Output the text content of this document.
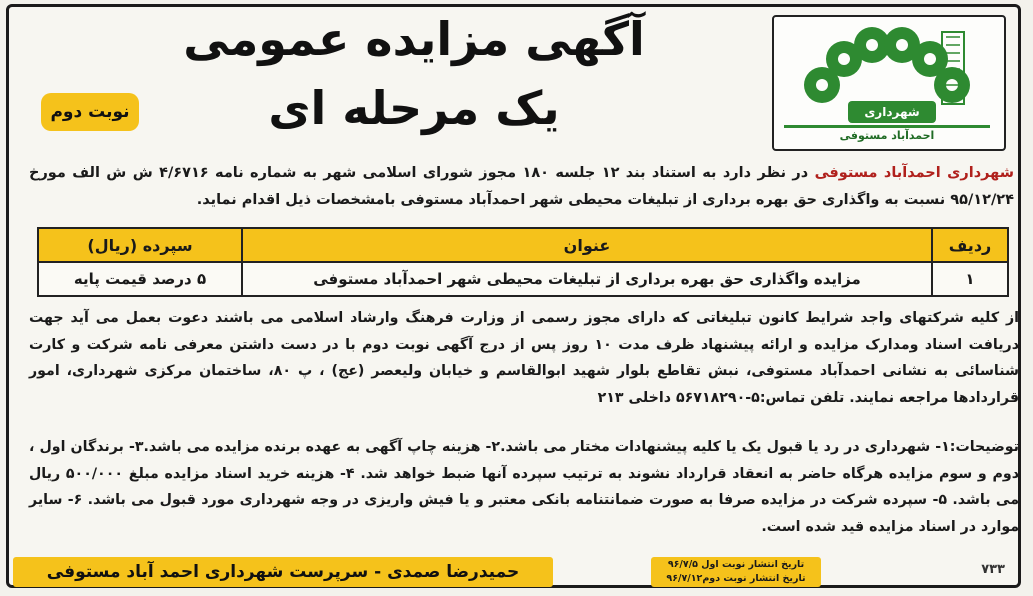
شهرداری
احمدآباد مستوفی
آگهی مزایده عمومی
یک مرحله ای
نوبت دوم
شهرداری احمدآباد مستوفی در نظر دارد به استناد بند ۱۲ جلسه ۱۸۰ مجوز شورای اسلامی شهر به شماره نامه ۴/۶۷۱۶ ش ش الف مورخ ۹۵/۱۲/۲۴ نسبت به واگذاری حق بهره برداری از تبلیغات محیطی شهر احمدآباد مستوفی بامشخصات ذیل اقدام نماید.
ردیف	عنوان	سپرده (ریال)
۱	مزایده واگذاری حق بهره برداری از تبلیغات محیطی شهر احمدآباد مستوفی	۵ درصد قیمت پایه
از کلیه شرکتهای واجد شرایط کانون تبلیغاتی که دارای مجوز رسمی از وزارت فرهنگ وارشاد اسلامی می باشند دعوت بعمل می آید جهت دریافت اسناد ومدارک مزایده و ارائه پیشنهاد ظرف مدت ۱۰ روز پس از درج آگهی نوبت دوم با در دست داشتن معرفی نامه شرکت و کارت شناسائی به نشانی احمدآباد مستوفی، نبش تقاطع بلوار شهید ابوالقاسم و خیابان ولیعصر (عج) ، پ ۸۰، ساختمان مرکزی شهرداری، امور قراردادها مراجعه نمایند. تلفن تماس:۵-۵۶۷۱۸۲۹۰ داخلی ۲۱۳
توضیحات:۱- شهرداری در رد یا قبول یک یا کلیه پیشنهادات مختار می باشد.۲- هزینه چاپ آگهی به عهده برنده مزایده می باشد.۳- برندگان اول ، دوم و سوم مزایده هرگاه حاضر به انعقاد قرارداد نشوند به ترتیب سپرده آنها ضبط خواهد شد. ۴- هزینه خرید اسناد مزایده مبلغ ۵۰۰/۰۰۰ ریال می باشد. ۵- سپرده شرکت در مزایده صرفا به صورت ضمانتنامه بانکی معتبر و یا فیش واریزی در وجه شهرداری مورد قبول می باشد. ۶- سایر موارد در اسناد مزایده قید شده است.
حمیدرضا صمدی - سرپرست شهرداری احمد آباد مستوفی	تاریخ انتشار نوبت اول ۹۶/۷/۵
تاریخ انتشار نوبت دوم۹۶/۷/۱۲
۷۳۳
